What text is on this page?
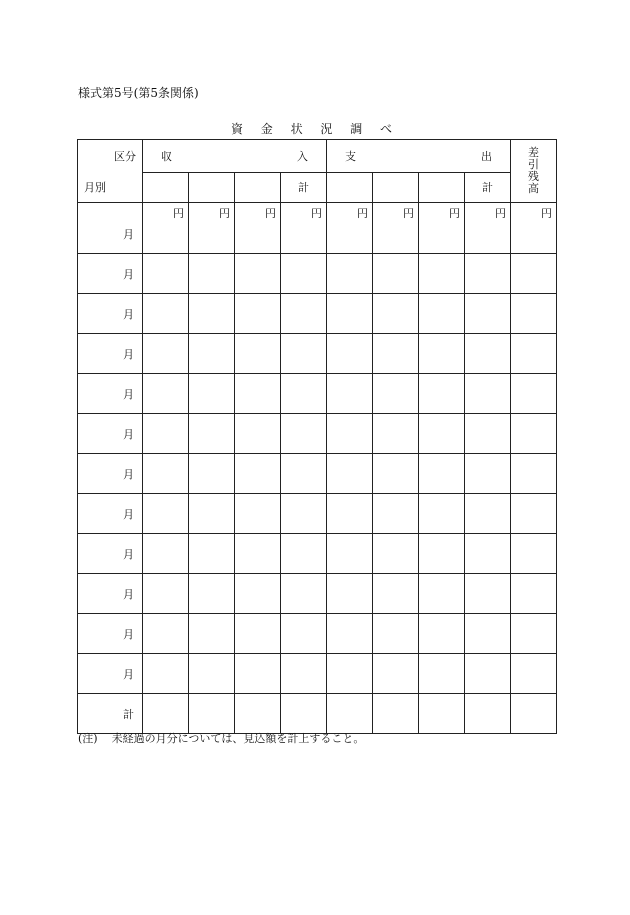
様式第5号(第5条関係)
資 金 状 況 調 べ
区分	収 入				支 出				差
引
残
高

月別				計				計	
月	円	円	円	円	円	円	円	円	円
月									
月									
月									
月									
月									
月									
月									
月									
月									
月									
月									
計									
(注) 未経過の月分については、見込額を計上すること。
